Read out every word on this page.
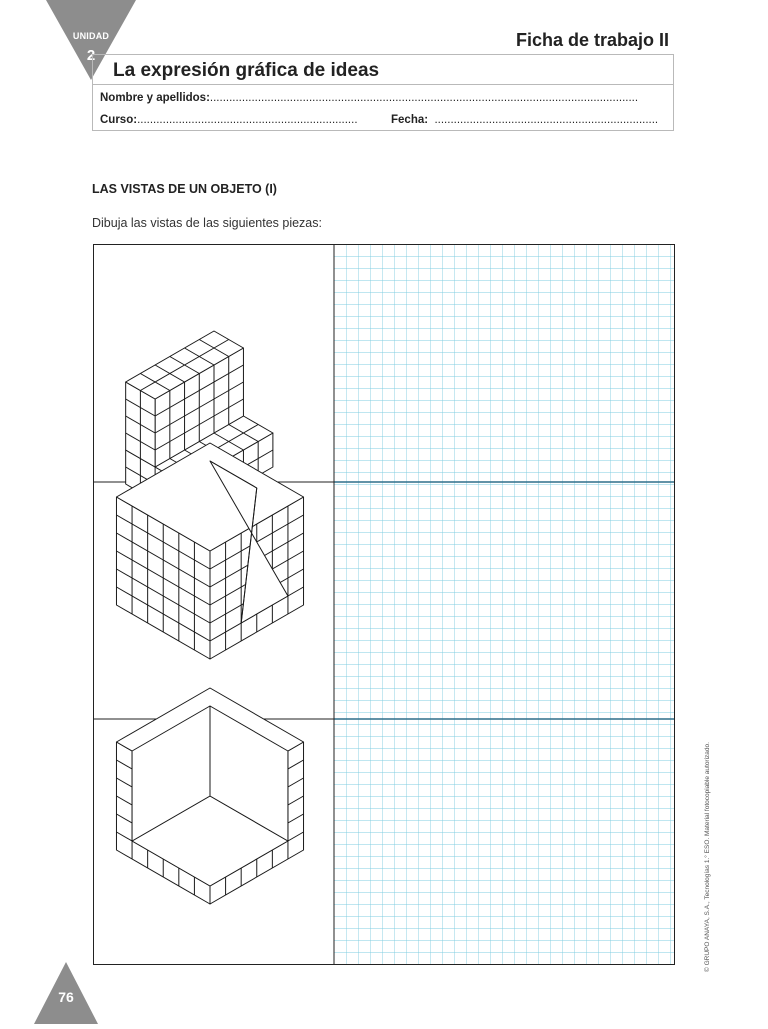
UNIDAD
2
Ficha de trabajo II
La expresión gráfica de ideas
Nombre y apellidos:......................................................................................................................................
Curso:.....................................................................	Fecha: ......................................................................
LAS VISTAS DE UN OBJETO (I)
Dibuja las vistas de las siguientes piezas:
© GRUPO ANAYA, S.A., Tecnologías 1.° ESO. Material fotocopiable autorizado.
76
